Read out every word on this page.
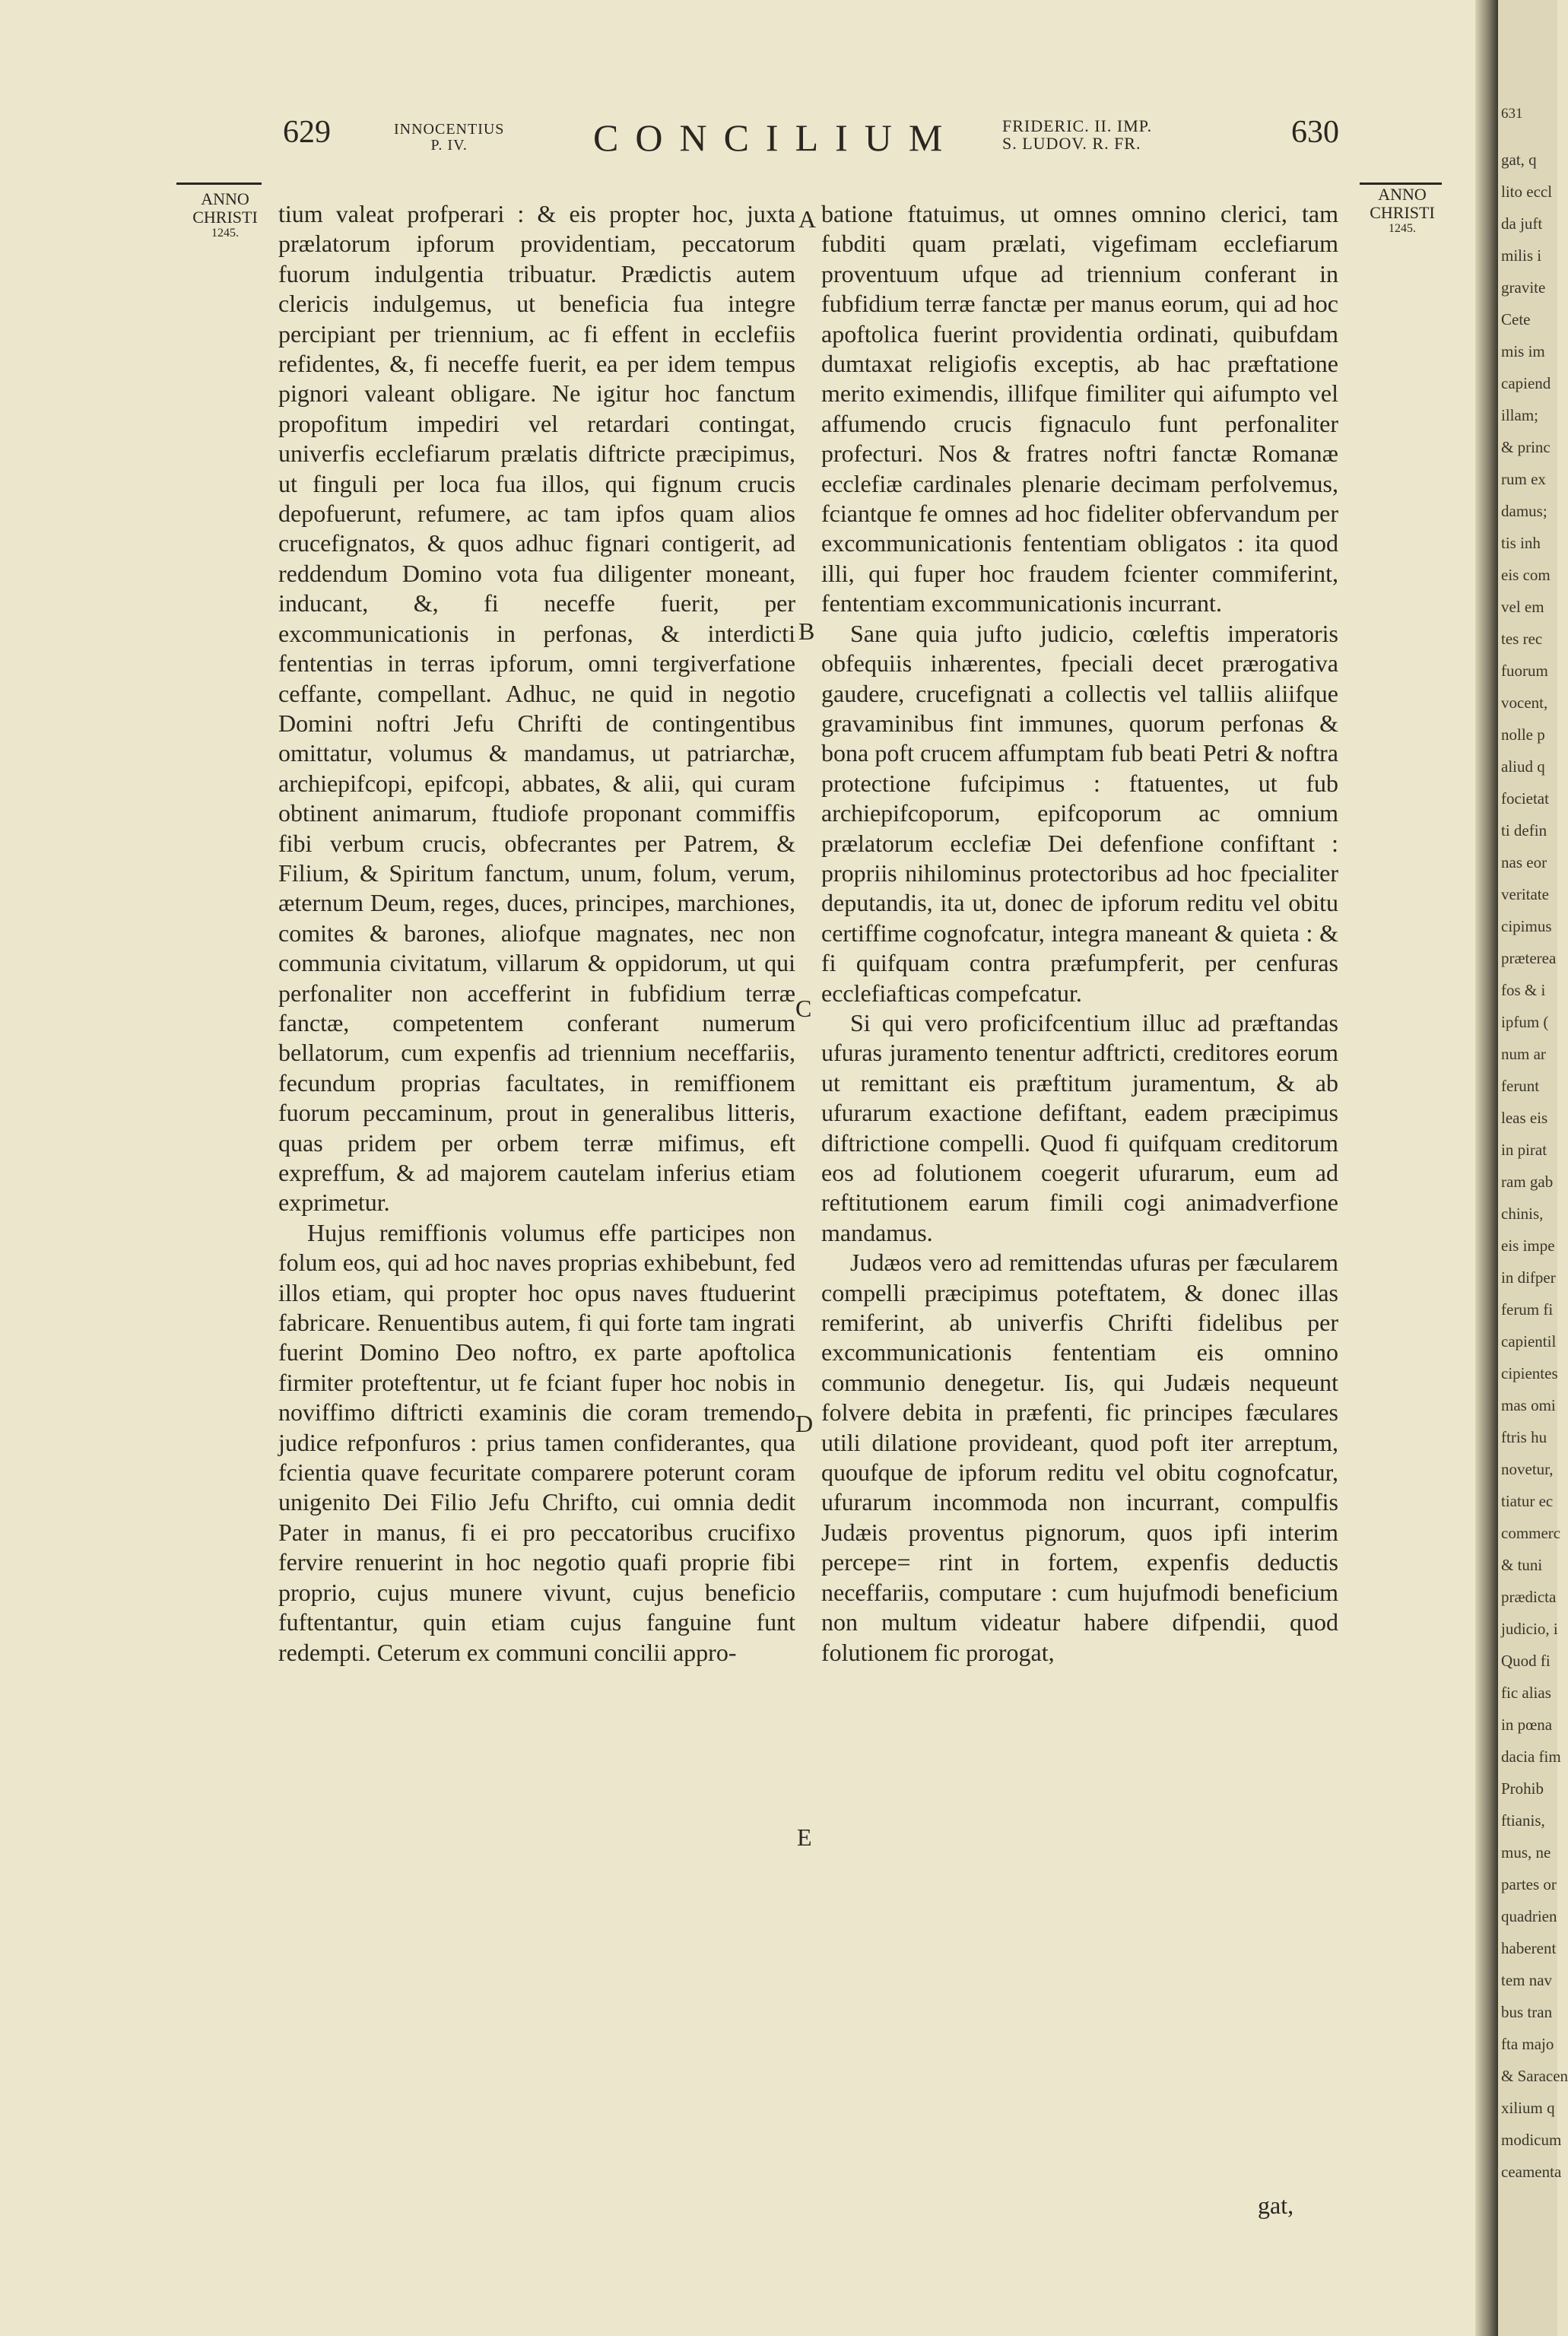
629	INNOCENTIUS
P. IV.	CONCILIUM	FRIDERIC. II. IMP.
S. LUDOV. R. FR.	630
ANNO
CHRISTI
1245.
ANNO
CHRISTI
1245.

tium valeat profperari : & eis propter hoc, juxta prælatorum ipforum providentiam, peccatorum fuorum indulgentia tribuatur. Prædictis autem clericis indulgemus, ut beneficia fua integre percipiant per triennium, ac fi effent in ecclefiis refidentes, &, fi neceffe fuerit, ea per idem tempus pignori valeant obligare. Ne igitur hoc fanctum propofitum impediri vel retardari contingat, univerfis ecclefiarum prælatis diftricte præcipimus, ut finguli per loca fua illos, qui fignum crucis depofuerunt, refumere, ac tam ipfos quam alios crucefignatos, & quos adhuc fignari contigerit, ad reddendum Domino vota fua diligenter moneant, inducant, &, fi neceffe fuerit, per excommunicationis in perfonas, & interdicti fententias in terras ipforum, omni tergiverfatione ceffante, compellant. Adhuc, ne quid in negotio Domini noftri Jefu Chrifti de contingentibus omittatur, volumus & mandamus, ut patriarchæ, archiepifcopi, epifcopi, abbates, & alii, qui curam obtinent animarum, ftudiofe proponant commiffis fibi verbum crucis, obfecrantes per Patrem, & Filium, & Spiritum fanctum, unum, folum, verum, æternum Deum, reges, duces, principes, marchiones, comites & barones, aliofque magnates, nec non communia civitatum, villarum & oppidorum, ut qui perfonaliter non accefferint in fubfidium terræ fanctæ, competentem conferant numerum bellatorum, cum expenfis ad triennium neceffariis, fecundum proprias facultates, in remiffionem fuorum peccaminum, prout in generalibus litteris, quas pridem per orbem terræ mifimus, eft expreffum, & ad majorem cautelam inferius etiam exprimetur.

Hujus remiffionis volumus effe participes non folum eos, qui ad hoc naves proprias exhibebunt, fed illos etiam, qui propter hoc opus naves ftuduerint fabricare. Renuentibus autem, fi qui forte tam ingrati fuerint Domino Deo noftro, ex parte apoftolica firmiter proteftentur, ut fe fciant fuper hoc nobis in noviffimo diftricti examinis die coram tremendo judice refponfuros : prius tamen confiderantes, qua fcientia quave fecuritate comparere poterunt coram unigenito Dei Filio Jefu Chrifto, cui omnia dedit Pater in manus, fi ei pro peccatoribus crucifixo fervire renuerint in hoc negotio quafi proprie fibi proprio, cujus munere vivunt, cujus beneficio fuftentantur, quin etiam cujus fanguine funt redempti. Ceterum ex communi concilii appro-

A
B
C
D
E

batione ftatuimus, ut omnes omnino clerici, tam fubditi quam prælati, vigefimam ecclefiarum proventuum ufque ad triennium conferant in fubfidium terræ fanctæ per manus eorum, qui ad hoc apoftolica fuerint providentia ordinati, quibufdam dumtaxat religiofis exceptis, ab hac præftatione merito eximendis, illifque fimiliter qui aifumpto vel affumendo crucis fignaculo funt perfonaliter profecturi. Nos & fratres noftri fanctæ Romanæ ecclefiæ cardinales plenarie decimam perfolvemus, fciantque fe omnes ad hoc fideliter obfervandum per excommunicationis fententiam obligatos : ita quod illi, qui fuper hoc fraudem fcienter commiferint, fententiam excommunicationis incurrant.

Sane quia jufto judicio, cœleftis imperatoris obfequiis inhærentes, fpeciali decet prærogativa gaudere, crucefignati a collectis vel talliis aliifque gravaminibus fint immunes, quorum perfonas & bona poft crucem affumptam fub beati Petri & noftra protectione fufcipimus : ftatuentes, ut fub archiepifcoporum, epifcoporum ac omnium prælatorum ecclefiæ Dei defenfione confiftant : propriis nihilominus protectoribus ad hoc fpecialiter deputandis, ita ut, donec de ipforum reditu vel obitu certiffime cognofcatur, integra maneant & quieta : & fi quifquam contra præfumpferit, per cenfuras ecclefiafticas compefcatur.

Si qui vero proficifcentium illuc ad præftandas ufuras juramento tenentur adftricti, creditores eorum ut remittant eis præftitum juramentum, & ab ufurarum exactione defiftant, eadem præcipimus diftrictione compelli. Quod fi quifquam creditorum eos ad folutionem coegerit ufurarum, eum ad reftitutionem earum fimili cogi animadverfione mandamus.

Judæos vero ad remittendas ufuras per fæcularem compelli præcipimus poteftatem, & donec illas remiferint, ab univerfis Chrifti fidelibus per excommunicationis fententiam eis omnino communio denegetur. Iis, qui Judæis nequeunt folvere debita in præfenti, fic principes fæculares utili dilatione provideant, quod poft iter arreptum, quoufque de ipforum reditu vel obitu cognofcatur, ufurarum incommoda non incurrant, compulfis Judæis proventus pignorum, quos ipfi interim percepe= rint in fortem, expenfis deductis neceffariis, computare : cum hujufmodi beneficium non multum videatur habere difpendii, quod folutionem fic prorogat,

gat,
631
gat, q
lito eccl
da juft
milis i
gravite
Cete
mis im
capiend
illam;
& princ
rum ex
damus;
tis inh
eis com
vel em
tes rec
fuorum
vocent,
nolle p
aliud q
focietat
ti defin
nas eor
veritate
cipimus
præterea
fos & i
ipfum (
num ar
ferunt
leas eis
in pirat
ram gab
chinis,
eis impe
in difper
ferum fi
capientil
cipientes
mas omi
ftris hu
novetur,
tiatur ec
commerc
& tuni
prædicta
judicio, i
Quod fi
fic alias
in pœna
dacia fim
Prohib
ftianis,
mus, ne
partes or
quadrien
haberent
tem nav
bus tran
fta majo
& Saracen
xilium q
modicum
ceamenta
